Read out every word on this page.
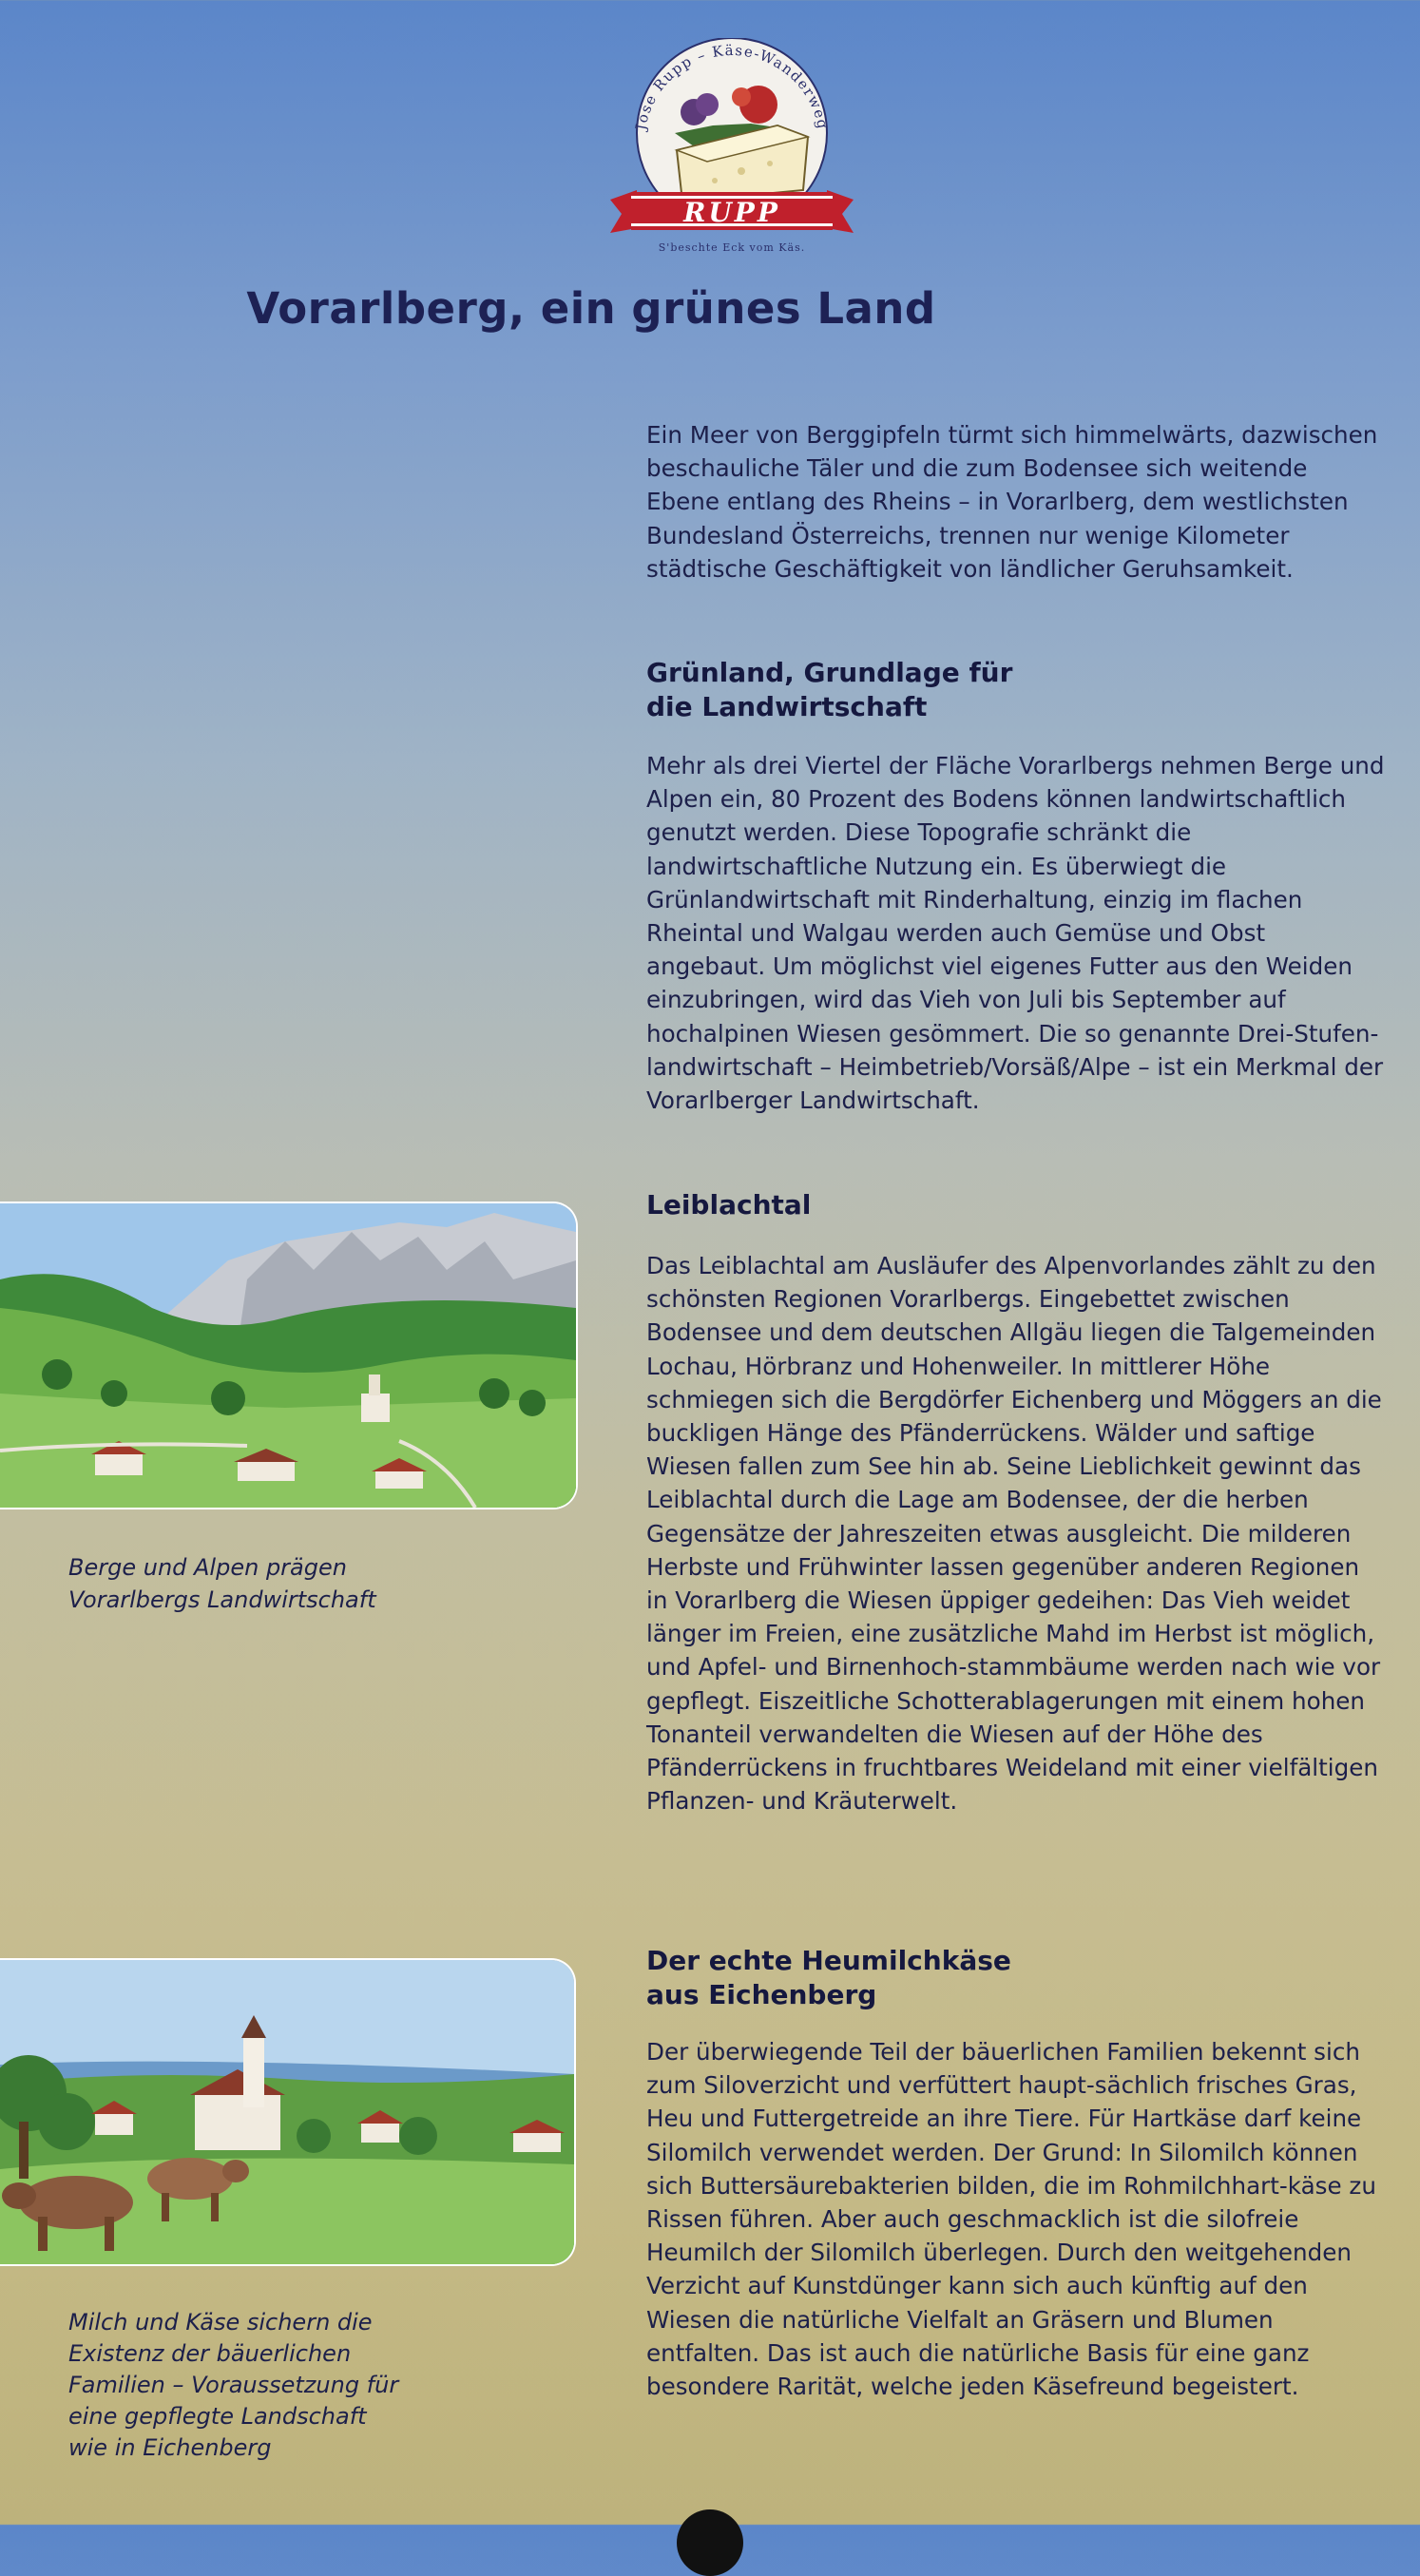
Jose Rupp – Käse-Wanderweg
RUPP
S'beschte Eck vom Käs.
Vorarlberg, ein grünes Land

Ein Meer von Berggipfeln türmt sich himmelwärts, dazwischen beschauliche Täler und die zum Bodensee sich weitende Ebene entlang des Rheins – in Vorarlberg, dem westlichsten Bundesland Österreichs, trennen nur wenige Kilometer städtische Geschäftigkeit von ländlicher Geruhsamkeit.

Grünland, Grundlage für

die Landwirtschaft

Mehr als drei Viertel der Fläche Vorarlbergs nehmen Berge und Alpen ein, 80 Prozent des Bodens können landwirtschaftlich genutzt werden. Diese Topografie schränkt die landwirtschaftliche Nutzung ein. Es überwiegt die Grünlandwirtschaft mit Rinderhaltung, einzig im flachen Rheintal und Walgau werden auch Gemüse und Obst angebaut. Um möglichst viel eigenes Futter aus den Weiden einzubringen, wird das Vieh von Juli bis September auf hochalpinen Wiesen gesömmert. Die so genannte Drei-Stufen-landwirtschaft – Heimbetrieb/Vorsäß/Alpe – ist ein Merkmal der Vorarlberger Landwirtschaft.

Leiblachtal

Das Leiblachtal am Ausläufer des Alpenvorlandes zählt zu den schönsten Regionen Vorarlbergs. Eingebettet zwischen Bodensee und dem deutschen Allgäu liegen die Talgemeinden Lochau, Hörbranz und Hohenweiler. In mittlerer Höhe schmiegen sich die Bergdörfer Eichenberg und Möggers an die buckligen Hänge des Pfänderrückens. Wälder und saftige Wiesen fallen zum See hin ab. Seine Lieblichkeit gewinnt das Leiblachtal durch die Lage am Bodensee, der die herben Gegensätze der Jahreszeiten etwas ausgleicht. Die milderen Herbste und Frühwinter lassen gegenüber anderen Regionen in Vorarlberg die Wiesen üppiger gedeihen: Das Vieh weidet länger im Freien, eine zusätzliche Mahd im Herbst ist möglich, und Apfel- und Birnenhoch-stammbäume werden nach wie vor gepflegt. Eiszeitliche Schotterablagerungen mit einem hohen Tonanteil verwandelten die Wiesen auf der Höhe des Pfänderrückens in fruchtbares Weideland mit einer vielfältigen Pflanzen- und Kräuterwelt.

Der echte Heumilchkäse

aus Eichenberg

Der überwiegende Teil der bäuerlichen Familien bekennt sich zum Siloverzicht und verfüttert haupt-sächlich frisches Gras, Heu und Futtergetreide an ihre Tiere. Für Hartkäse darf keine Silomilch verwendet werden. Der Grund: In Silomilch können sich Buttersäurebakterien bilden, die im Rohmilchhart-käse zu Rissen führen. Aber auch geschmacklich ist die silofreie Heumilch der Silomilch überlegen. Durch den weitgehenden Verzicht auf Kunstdünger kann sich auch künftig auf den Wiesen die natürliche Vielfalt an Gräsern und Blumen entfalten. Das ist auch die natürliche Basis für eine ganz besondere Rarität, welche jeden Käsefreund begeistert.

Berge und Alpen prägen

Vorarlbergs Landwirtschaft

Milch und Käse sichern die

Existenz der bäuerlichen

Familien – Voraussetzung für

eine gepflegte Landschaft

wie in Eichenberg
